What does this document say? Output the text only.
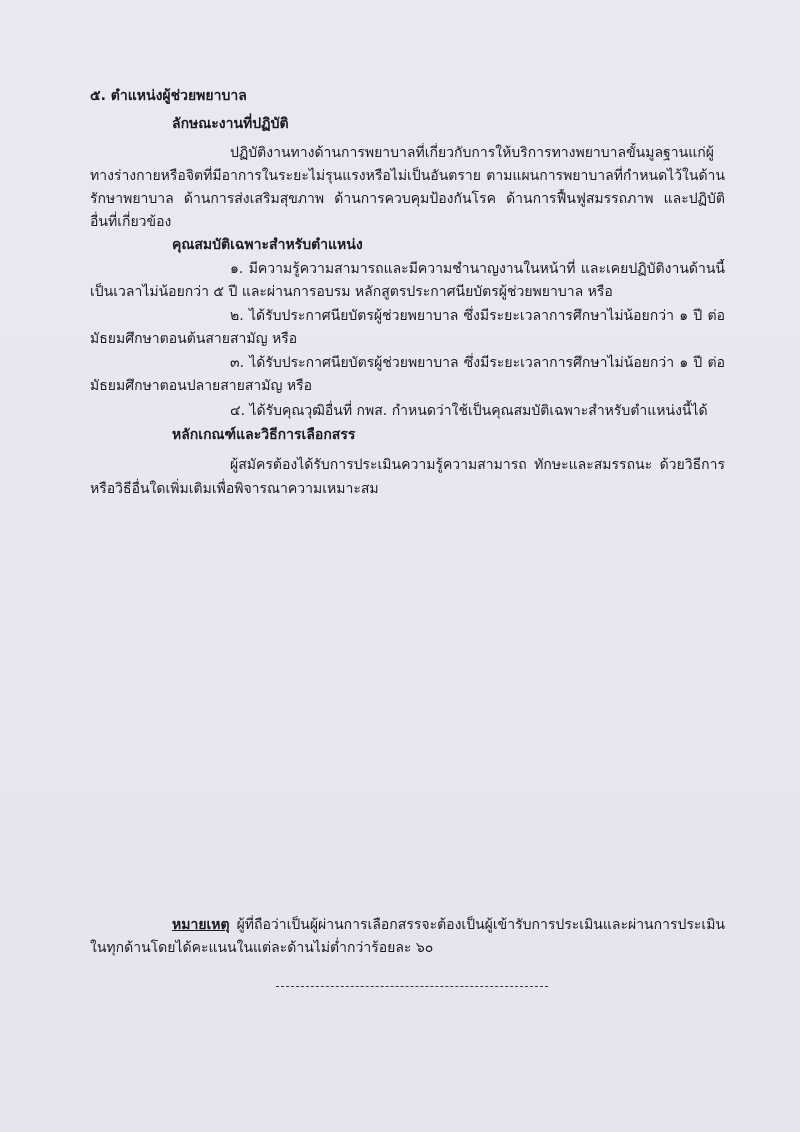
๕. ตำแหน่งผู้ช่วยพยาบาล
ลักษณะงานที่ปฏิบัติ
ปฏิบัติงานทางด้านการพยาบาลที่เกี่ยวกับการให้บริการทางพยาบาลขั้นมูลฐานแก่ผู้
ทางร่างกายหรือจิตที่มีอาการในระยะไม่รุนแรงหรือไม่เป็นอันตราย ตามแผนการพยาบาลที่กำหนดไว้ในด้าน
รักษาพยาบาล ด้านการส่งเสริมสุขภาพ ด้านการควบคุมป้องกันโรค ด้านการฟื้นฟูสมรรถภาพ และปฏิบัติ
อื่นที่เกี่ยวข้อง
คุณสมบัติเฉพาะสำหรับตำแหน่ง
๑. มีความรู้ความสามารถและมีความชำนาญงานในหน้าที่ และเคยปฏิบัติงานด้านนี้
เป็นเวลาไม่น้อยกว่า ๕ ปี และผ่านการอบรม หลักสูตรประกาศนียบัตรผู้ช่วยพยาบาล หรือ
๒. ได้รับประกาศนียบัตรผู้ช่วยพยาบาล ซึ่งมีระยะเวลาการศึกษาไม่น้อยกว่า ๑ ปี ต่อ
มัธยมศึกษาตอนต้นสายสามัญ หรือ
๓. ได้รับประกาศนียบัตรผู้ช่วยพยาบาล ซึ่งมีระยะเวลาการศึกษาไม่น้อยกว่า ๑ ปี ต่อ
มัธยมศึกษาตอนปลายสายสามัญ หรือ
๔. ได้รับคุณวุฒิอื่นที่ กพส. กำหนดว่าใช้เป็นคุณสมบัติเฉพาะสำหรับตำแหน่งนี้ได้
หลักเกณฑ์และวิธีการเลือกสรร
ผู้สมัครต้องได้รับการประเมินความรู้ความสามารถ ทักษะและสมรรถนะ ด้วยวิธีการ
หรือวิธีอื่นใดเพิ่มเติมเพื่อพิจารณาความเหมาะสม
หมายเหตุ ผู้ที่ถือว่าเป็นผู้ผ่านการเลือกสรรจะต้องเป็นผู้เข้ารับการประเมินและผ่านการประเมิน
ในทุกด้านโดยได้คะแนนในแต่ละด้านไม่ต่ำกว่าร้อยละ ๖๐
